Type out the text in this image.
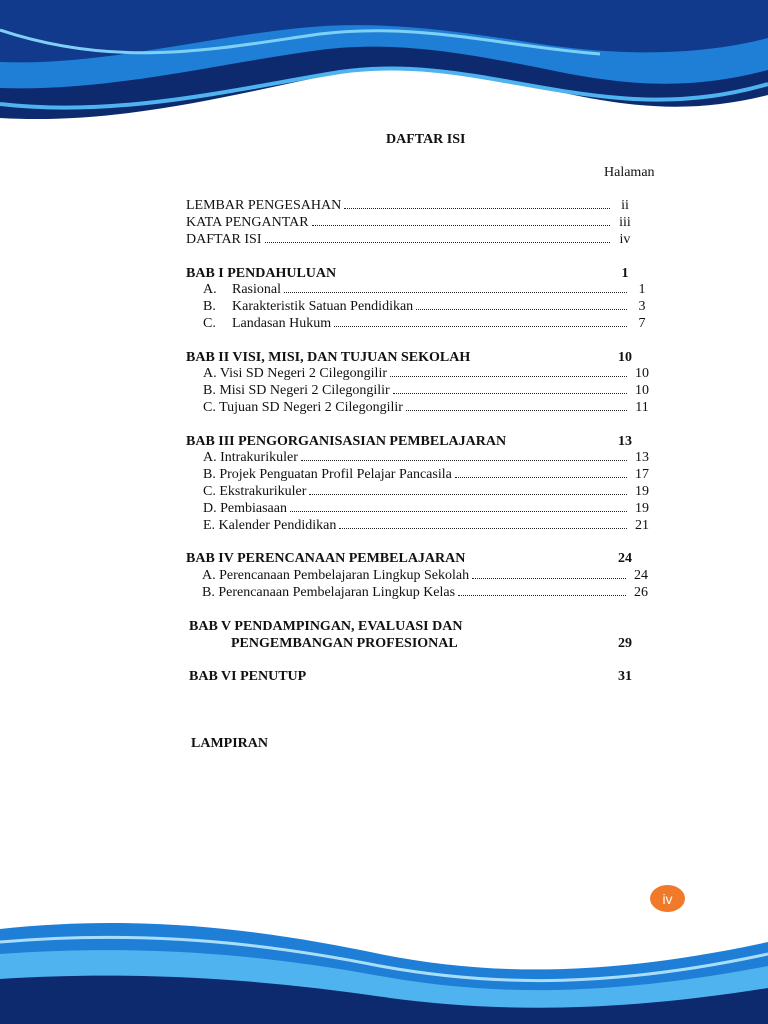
DAFTAR ISI
Halaman
LEMBAR PENGESAHAN	ii
KATA PENGANTAR	iii
DAFTAR ISI	iv
BAB I PENDAHULUAN	1
A. Rasional	1
B. Karakteristik Satuan Pendidikan	3
C. Landasan Hukum	7
BAB II VISI, MISI, DAN TUJUAN SEKOLAH	10
A. Visi SD Negeri 2 Cilegongilir	10
B. Misi SD Negeri 2 Cilegongilir	10
C. Tujuan SD Negeri 2 Cilegongilir	11
BAB III PENGORGANISASIAN PEMBELAJARAN	13
A. Intrakurikuler	13
B. Projek Penguatan Profil Pelajar Pancasila	17
C. Ekstrakurikuler	19
D. Pembiasaan	19
E. Kalender Pendidikan	21
BAB IV PERENCANAAN PEMBELAJARAN	24
A. Perencanaan Pembelajaran Lingkup Sekolah	24
B. Perencanaan Pembelajaran Lingkup Kelas	26
BAB V PENDAMPINGAN, EVALUASI DAN
PENGEMBANGAN PROFESIONAL	29
BAB VI PENUTUP	31
LAMPIRAN
iv
